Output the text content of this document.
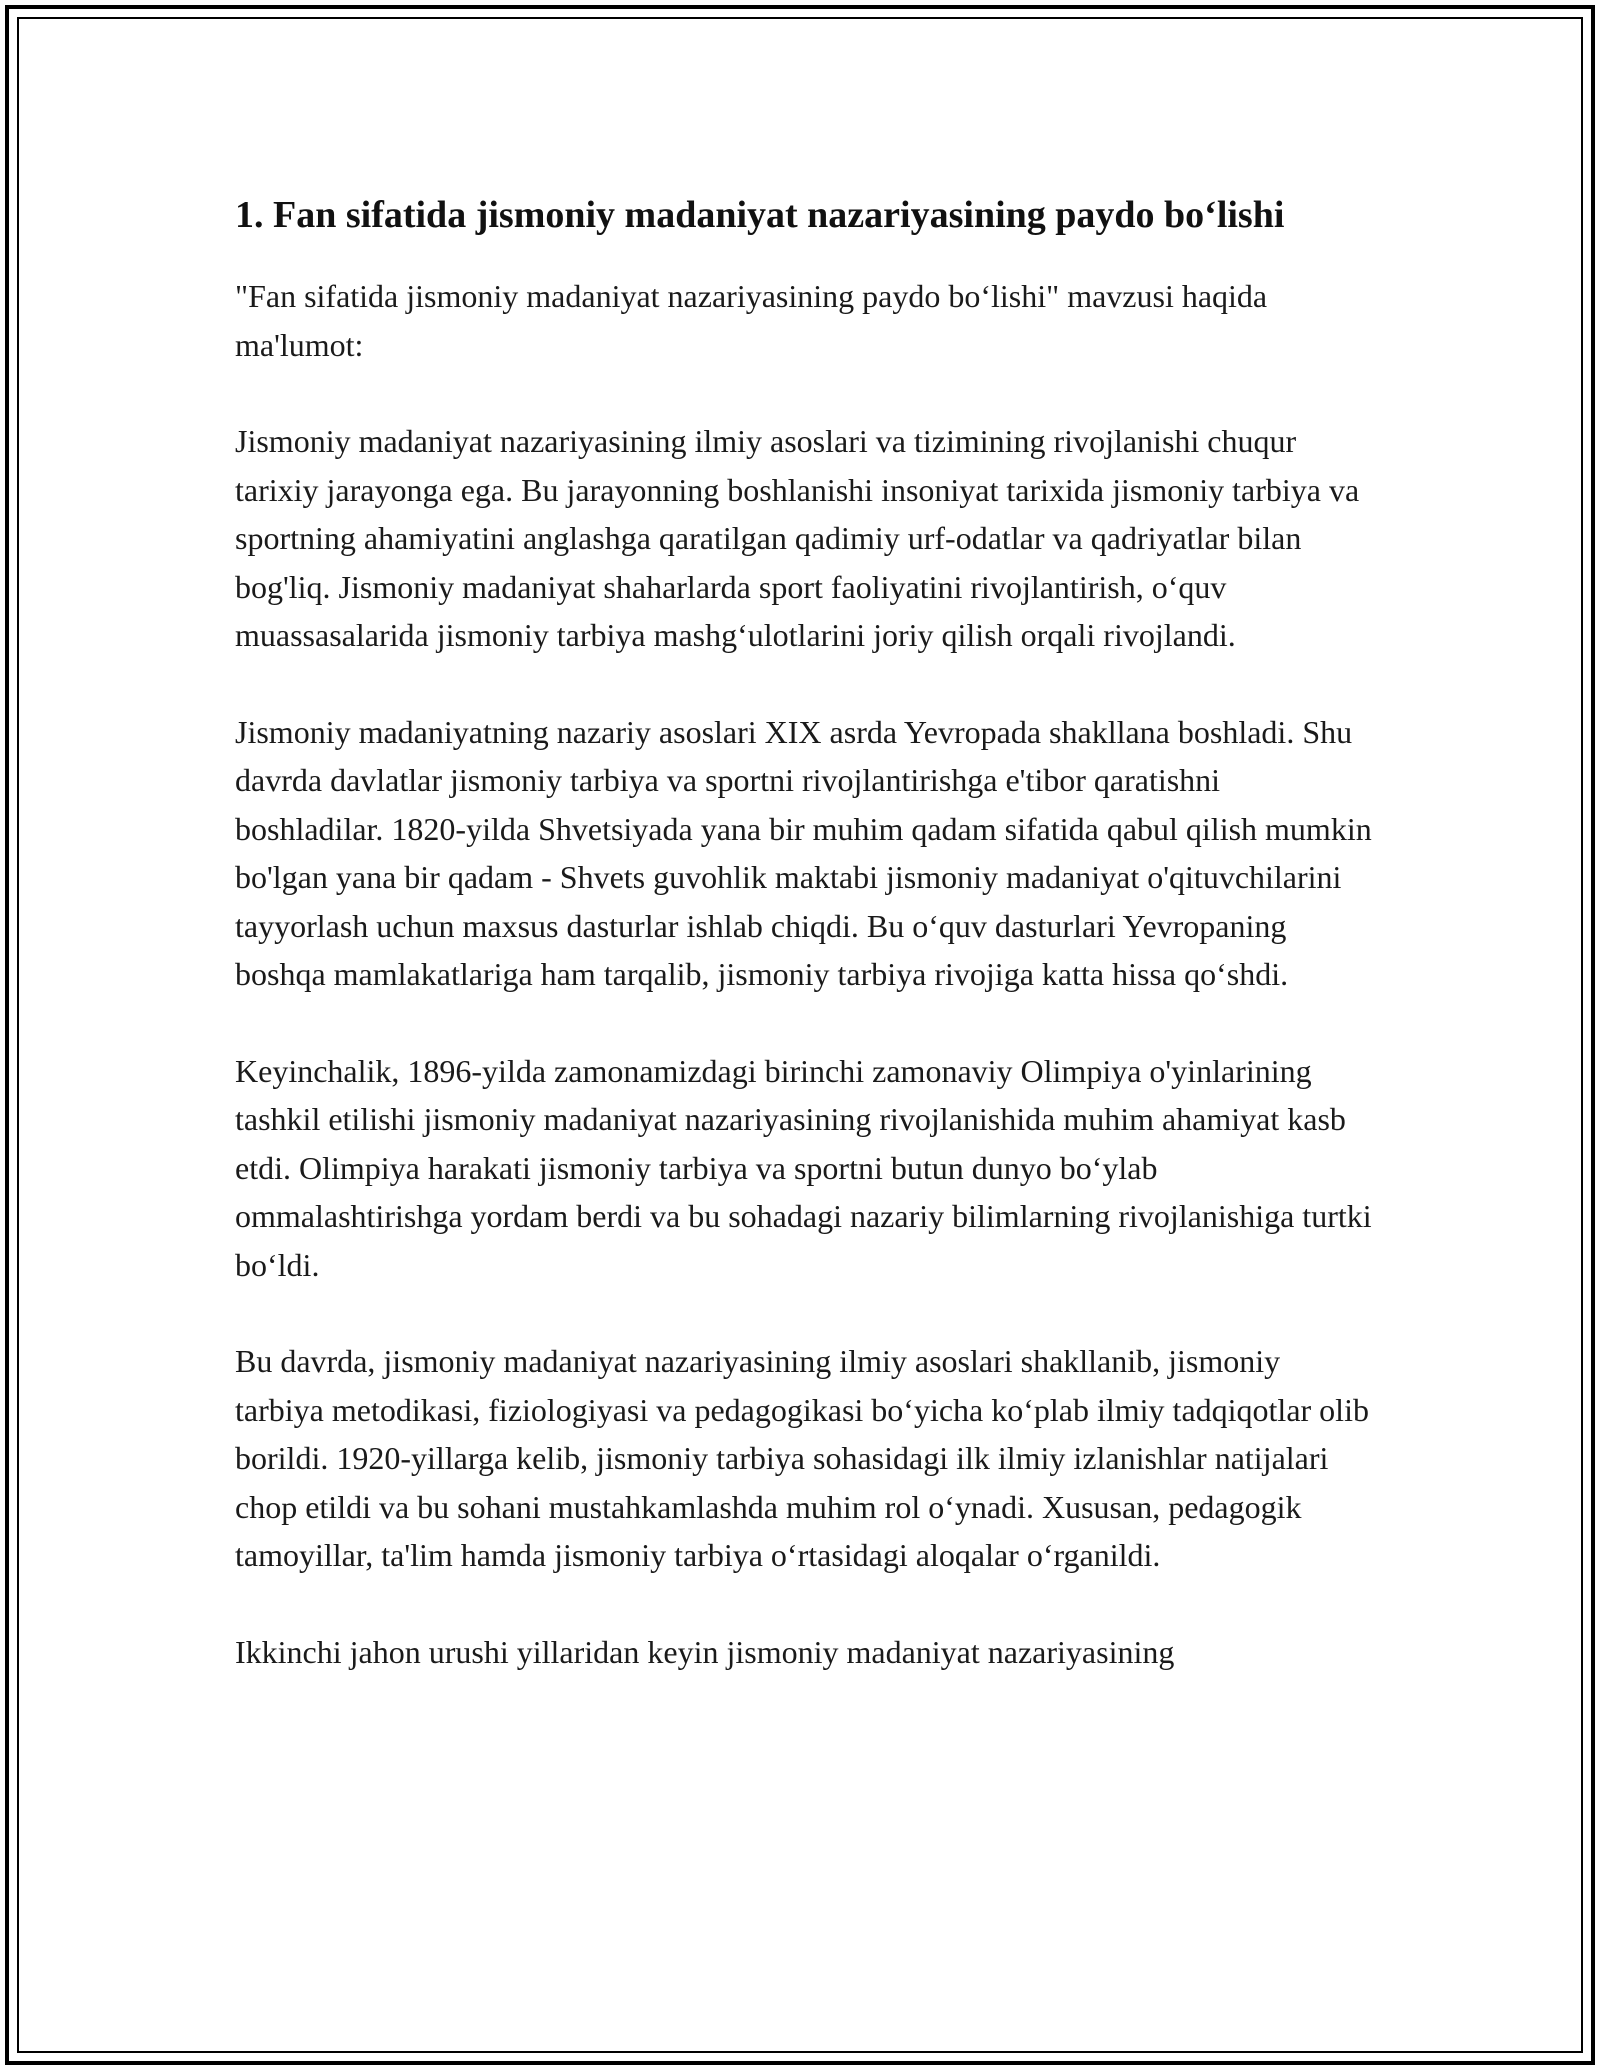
1. Fan sifatida jismoniy madaniyat nazariyasining paydo bo‘lishi

"Fan sifatida jismoniy madaniyat nazariyasining paydo bo‘lishi" mavzusi haqida ma'lumot:

Jismoniy madaniyat nazariyasining ilmiy asoslari va tizimining rivojlanishi chuqur tarixiy jarayonga ega. Bu jarayonning boshlanishi insoniyat tarixida jismoniy tarbiya va sportning ahamiyatini anglashga qaratilgan qadimiy urf-odatlar va qadriyatlar bilan bog'liq. Jismoniy madaniyat shaharlarda sport faoliyatini rivojlantirish, o‘quv muassasalarida jismoniy tarbiya mashg‘ulotlarini joriy qilish orqali rivojlandi.

Jismoniy madaniyatning nazariy asoslari XIX asrda Yevropada shakllana boshladi. Shu davrda davlatlar jismoniy tarbiya va sportni rivojlantirishga e'tibor qaratishni boshladilar. 1820-yilda Shvetsiyada yana bir muhim qadam sifatida qabul qilish mumkin bo'lgan yana bir qadam - Shvets guvohlik maktabi jismoniy madaniyat o'qituvchilarini tayyorlash uchun maxsus dasturlar ishlab chiqdi. Bu o‘quv dasturlari Yevropaning boshqa mamlakatlariga ham tarqalib, jismoniy tarbiya rivojiga katta hissa qo‘shdi.

Keyinchalik, 1896-yilda zamonamizdagi birinchi zamonaviy Olimpiya o'yinlarining tashkil etilishi jismoniy madaniyat nazariyasining rivojlanishida muhim ahamiyat kasb etdi. Olimpiya harakati jismoniy tarbiya va sportni butun dunyo bo‘ylab ommalashtirishga yordam berdi va bu sohadagi nazariy bilimlarning rivojlanishiga turtki bo‘ldi.

Bu davrda, jismoniy madaniyat nazariyasining ilmiy asoslari shakllanib, jismoniy tarbiya metodikasi, fiziologiyasi va pedagogikasi bo‘yicha ko‘plab ilmiy tadqiqotlar olib borildi. 1920-yillarga kelib, jismoniy tarbiya sohasidagi ilk ilmiy izlanishlar natijalari chop etildi va bu sohani mustahkamlashda muhim rol o‘ynadi. Xususan, pedagogik tamoyillar, ta'lim hamda jismoniy tarbiya o‘rtasidagi aloqalar o‘rganildi.

Ikkinchi jahon urushi yillaridan keyin jismoniy madaniyat nazariyasining
